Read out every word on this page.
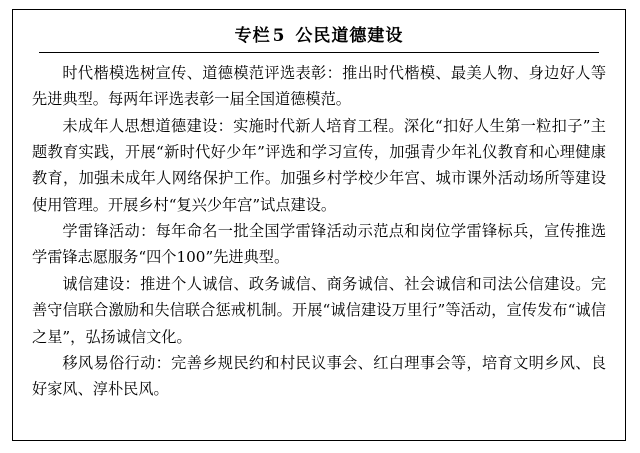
专栏 5 公民道德建设

时代楷模选树宣传、道德模范评选表彰：推出时代楷模、最美人物、身边好人等先进典型。每两年评选表彰一届全国道德模范。

未成年人思想道德建设：实施时代新人培育工程。深化“扣好人生第一粒扣子”主题教育实践，开展“新时代好少年”评选和学习宣传，加强青少年礼仪教育和心理健康教育，加强未成年人网络保护工作。加强乡村学校少年宫、城市课外活动场所等建设使用管理。开展乡村“复兴少年宫”试点建设。

学雷锋活动：每年命名一批全国学雷锋活动示范点和岗位学雷锋标兵，宣传推选学雷锋志愿服务“四个100”先进典型。

诚信建设：推进个人诚信、政务诚信、商务诚信、社会诚信和司法公信建设。完善守信联合激励和失信联合惩戒机制。开展“诚信建设万里行”等活动，宣传发布“诚信之星”，弘扬诚信文化。

移风易俗行动：完善乡规民约和村民议事会、红白理事会等，培育文明乡风、良好家风、淳朴民风。
